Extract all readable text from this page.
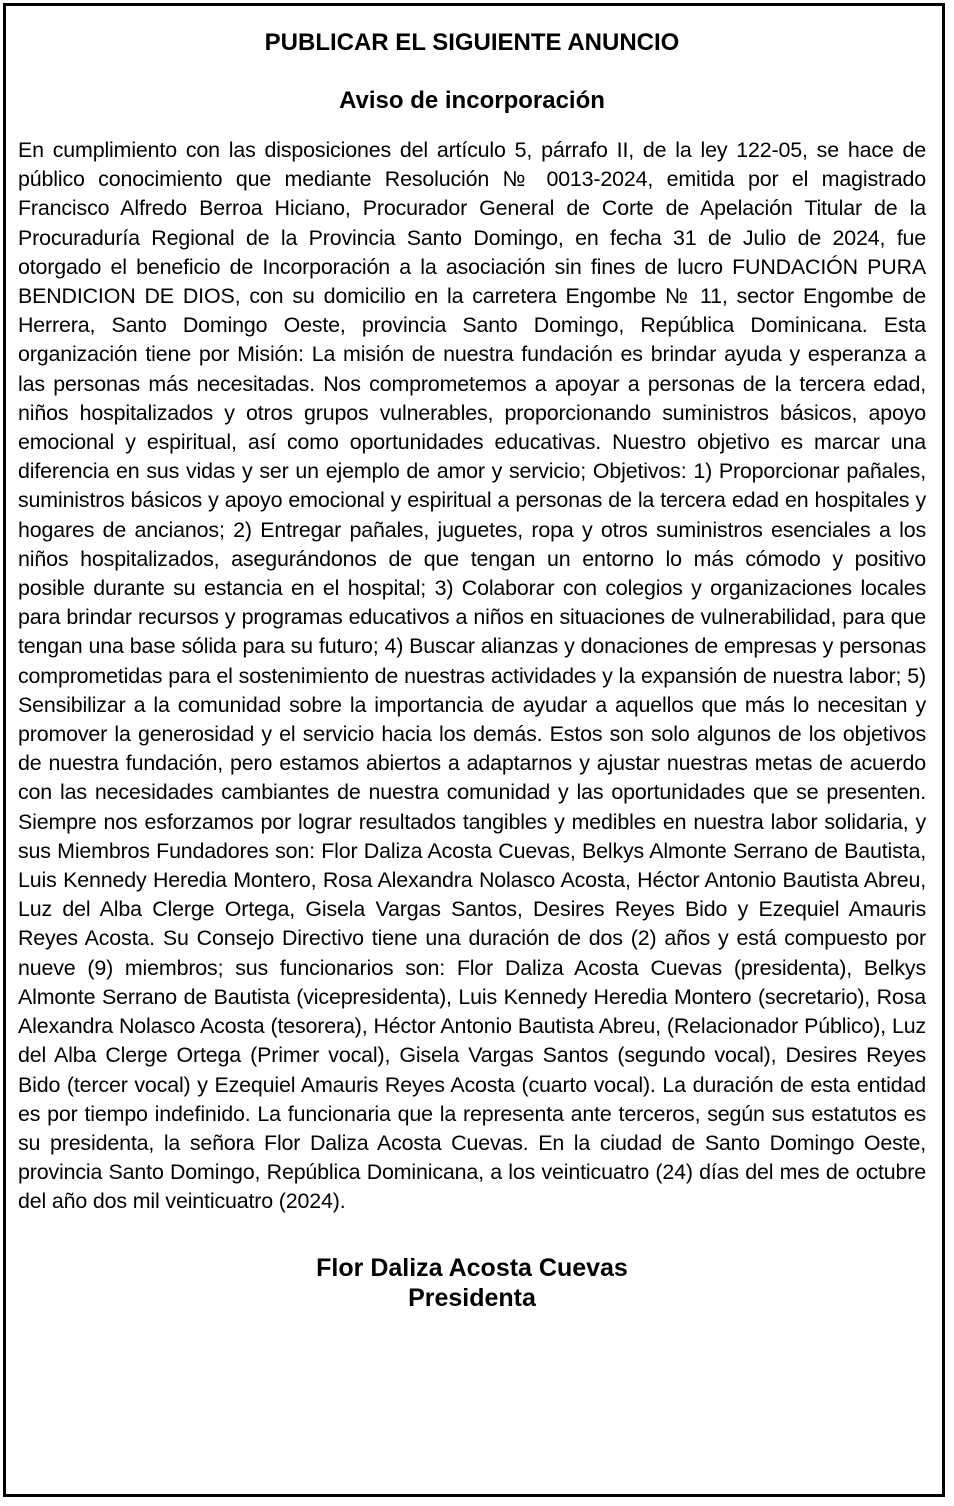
PUBLICAR EL SIGUIENTE ANUNCIO
Aviso de incorporación

En cumplimiento con las disposiciones del artículo 5, párrafo II, de la ley 122-05, se hace de público conocimiento que mediante Resolución № 0013-2024, emitida por el magistrado Francisco Alfredo Berroa Hiciano, Procurador General de Corte de Apelación Titular de la Procuraduría Regional de la Provincia Santo Domingo, en fecha 31 de Julio de 2024, fue otorgado el beneficio de Incorporación a la asociación sin fines de lucro FUNDACIÓN PURA BENDICION DE DIOS, con su domicilio en la carretera Engombe № 11, sector Engombe de Herrera, Santo Domingo Oeste, provincia Santo Domingo, República Dominicana. Esta organización tiene por Misión: La misión de nuestra fundación es brindar ayuda y esperanza a las personas más necesitadas. Nos comprometemos a apoyar a personas de la tercera edad, niños hospitalizados y otros grupos vulnerables, proporcionando suministros básicos, apoyo emocional y espiritual, así como oportunidades educativas. Nuestro objetivo es marcar una diferencia en sus vidas y ser un ejemplo de amor y servicio; Objetivos: 1) Proporcionar pañales, suministros básicos y apoyo emocional y espiritual a personas de la tercera edad en hospitales y hogares de ancianos; 2) Entregar pañales, juguetes, ropa y otros suministros esenciales a los niños hospitalizados, asegurándonos de que tengan un entorno lo más cómodo y positivo posible durante su estancia en el hospital; 3) Colaborar con colegios y organizaciones locales para brindar recursos y programas educativos a niños en situaciones de vulnerabilidad, para que tengan una base sólida para su futuro; 4) Buscar alianzas y donaciones de empresas y personas comprometidas para el sostenimiento de nuestras actividades y la expansión de nuestra labor; 5) Sensibilizar a la comunidad sobre la importancia de ayudar a aquellos que más lo necesitan y promover la generosidad y el servicio hacia los demás. Estos son solo algunos de los objetivos de nuestra fundación, pero estamos abiertos a adaptarnos y ajustar nuestras metas de acuerdo con las necesidades cambiantes de nuestra comunidad y las oportunidades que se presenten. Siempre nos esforzamos por lograr resultados tangibles y medibles en nuestra labor solidaria, y sus Miembros Fundadores son: Flor Daliza Acosta Cuevas, Belkys Almonte Serrano de Bautista, Luis Kennedy Heredia Montero, Rosa Alexandra Nolasco Acosta, Héctor Antonio Bautista Abreu, Luz del Alba Clerge Ortega, Gisela Vargas Santos, Desires Reyes Bido y Ezequiel Amauris Reyes Acosta. Su Consejo Directivo tiene una duración de dos (2) años y está compuesto por nueve (9) miembros; sus funcionarios son: Flor Daliza Acosta Cuevas (presidenta), Belkys Almonte Serrano de Bautista (vicepresidenta), Luis Kennedy Heredia Montero (secretario), Rosa Alexandra Nolasco Acosta (tesorera), Héctor Antonio Bautista Abreu, (Relacionador Público), Luz del Alba Clerge Ortega (Primer vocal), Gisela Vargas Santos (segundo vocal), Desires Reyes Bido (tercer vocal) y Ezequiel Amauris Reyes Acosta (cuarto vocal). La duración de esta entidad es por tiempo indefinido. La funcionaria que la representa ante terceros, según sus estatutos es su presidenta, la señora Flor Daliza Acosta Cuevas. En la ciudad de Santo Domingo Oeste, provincia Santo Domingo, República Dominicana, a los veinticuatro (24) días del mes de octubre del año dos mil veinticuatro (2024).

Flor Daliza Acosta Cuevas
Presidenta
